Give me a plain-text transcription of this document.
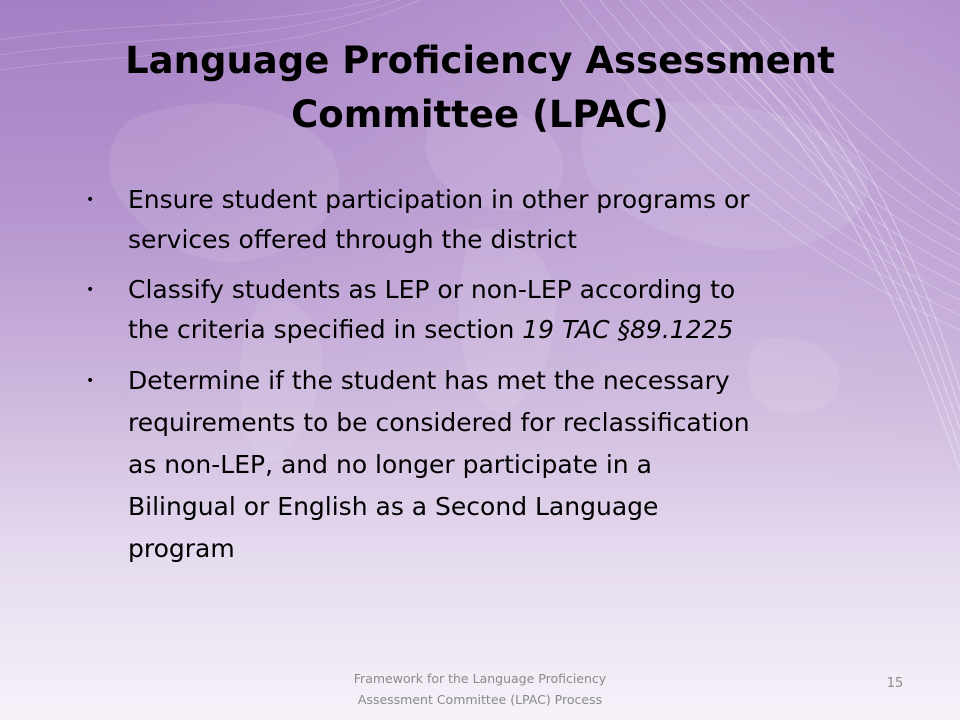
Language Proficiency Assessment
Committee (LPAC)
• Ensure student participation in other programs or
services offered through the district
• Classify students as LEP or non-LEP according to
the criteria specified in section 19 TAC §89.1225
• Determine if the student has met the necessary
requirements to be considered for reclassification
as non-LEP, and no longer participate in a
Bilingual or English as a Second Language
program
Framework for the Language Proficiency
Assessment Committee (LPAC) Process
15
